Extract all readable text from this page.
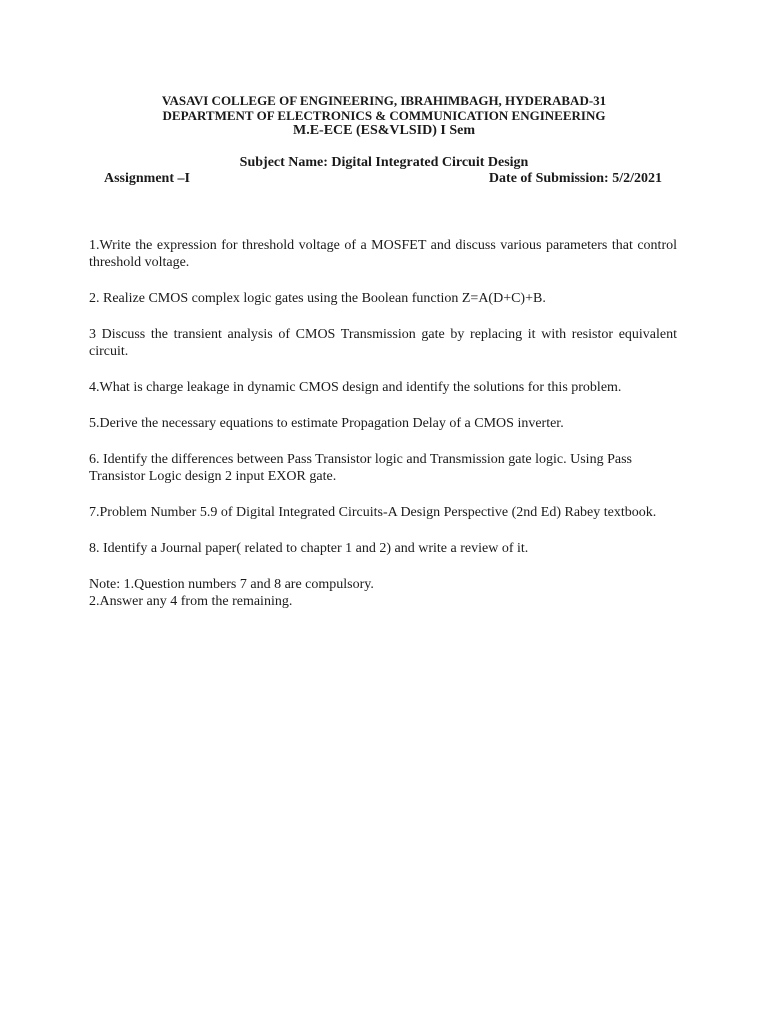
VASAVI COLLEGE OF ENGINEERING, IBRAHIMBAGH, HYDERABAD-31
DEPARTMENT OF ELECTRONICS & COMMUNICATION ENGINEERING
M.E-ECE (ES&VLSID) I Sem
Subject Name: Digital Integrated Circuit Design
Assignment –I	Date of Submission: 5/2/2021

1.Write the expression for threshold voltage of a MOSFET and discuss various parameters that control threshold voltage.

2. Realize CMOS complex logic gates using the Boolean function Z=A(D+C)+B.

3 Discuss the transient analysis of CMOS Transmission gate by replacing it with resistor equivalent circuit.

4.What is charge leakage in dynamic CMOS design and identify the solutions for this problem.

5.Derive the necessary equations to estimate Propagation Delay of a CMOS inverter.

6. Identify the differences between Pass Transistor logic and Transmission gate logic. Using Pass Transistor Logic design 2 input EXOR gate.

7.Problem Number 5.9 of Digital Integrated Circuits-A Design Perspective (2nd Ed) Rabey textbook.

8. Identify a Journal paper( related to chapter 1 and 2) and write a review of it.

Note: 1.Question numbers 7 and 8 are compulsory.

2.Answer any 4 from the remaining.
